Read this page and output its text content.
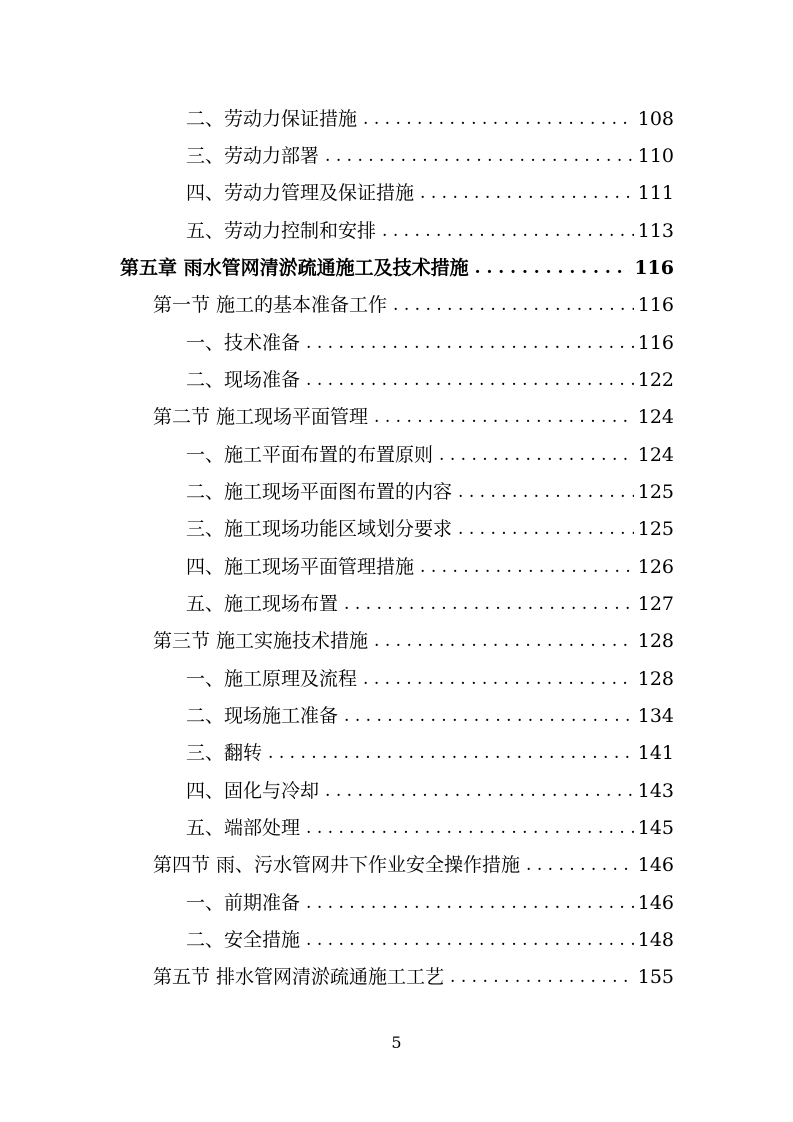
二、劳动力保证措施 . . .	108
三、劳动力部署 . . .	110
四、劳动力管理及保证措施 . . .	111
五、劳动力控制和安排 . . .	113
第五章 雨水管网清淤疏通施工及技术措施 . . .	116
第一节 施工的基本准备工作 . . .	116
一、技术准备 . . .	116
二、现场准备 . . .	122
第二节 施工现场平面管理 . . .	124
一、施工平面布置的布置原则 . . .	124
二、施工现场平面图布置的内容 . . .	125
三、施工现场功能区域划分要求 . . .	125
四、施工现场平面管理措施 . . .	126
五、施工现场布置 . . .	127
第三节 施工实施技术措施 . . .	128
一、施工原理及流程 . . .	128
二、现场施工准备 . . .	134
三、翻转 . . .	141
四、固化与冷却 . . .	143
五、端部处理 . . .	145
第四节 雨、污水管网井下作业安全操作措施 . . .	146
一、前期准备 . . .	146
二、安全措施 . . .	148
第五节 排水管网清淤疏通施工工艺 . . .	155
5
